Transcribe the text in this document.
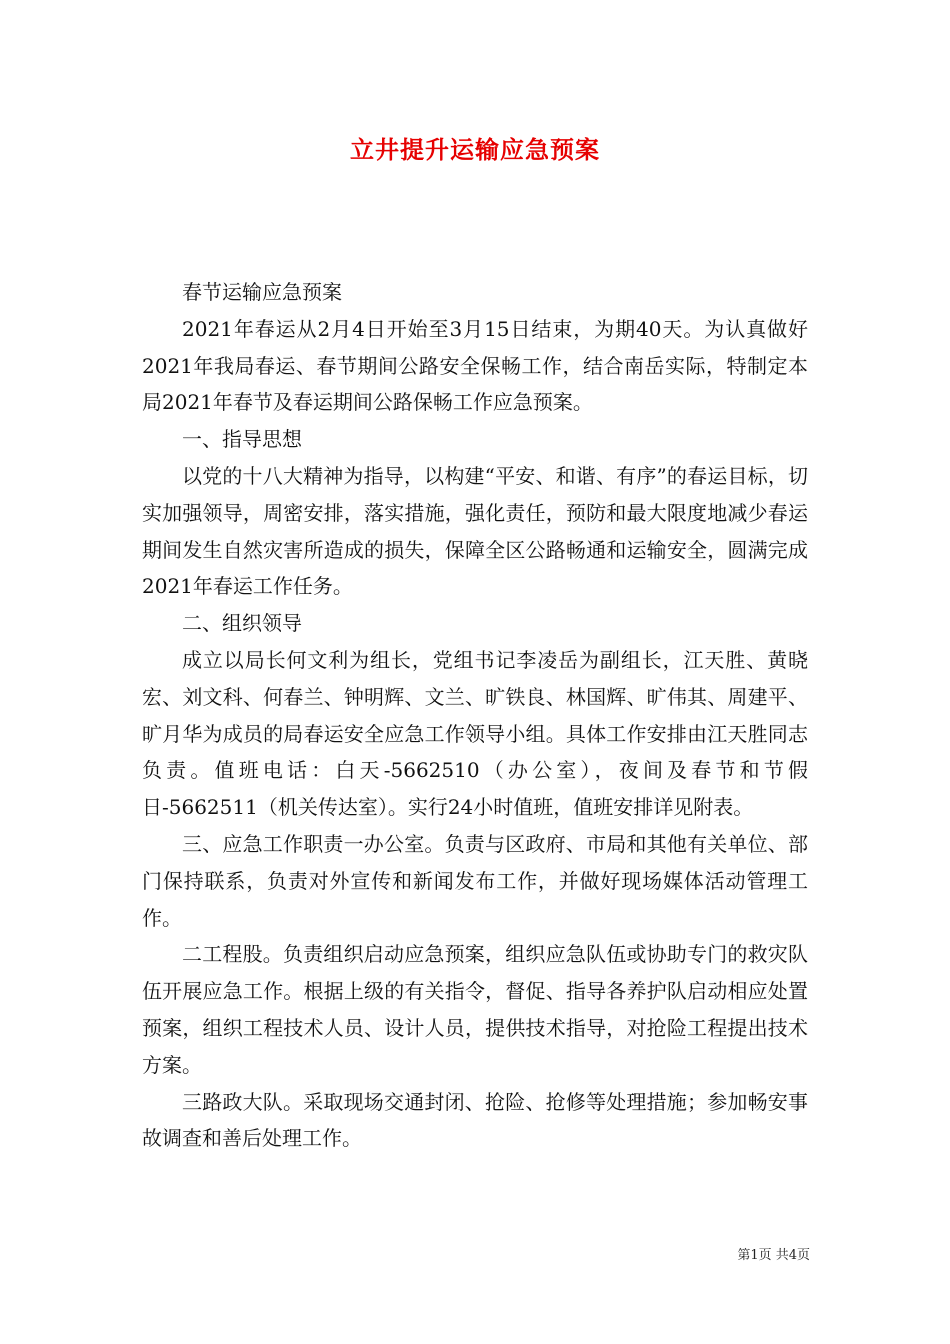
立井提升运输应急预案

春节运输应急预案

2021年春运从2月4日开始至3月15日结束，为期40天。为认真做好2021年我局春运、春节期间公路安全保畅工作，结合南岳实际，特制定本局2021年春节及春运期间公路保畅工作应急预案。

一、指导思想

以党的十八大精神为指导，以构建“平安、和谐、有序”的春运目标，切实加强领导，周密安排，落实措施，强化责任，预防和最大限度地减少春运期间发生自然灾害所造成的损失，保障全区公路畅通和运输安全，圆满完成2021年春运工作任务。

二、组织领导

成立以局长何文利为组长，党组书记李凌岳为副组长，江天胜、黄晓宏、刘文科、何春兰、钟明辉、文兰、旷铁良、林国辉、旷伟其、周建平、旷月华为成员的局春运安全应急工作领导小组。具体工作安排由江天胜同志负责。值班电话：白天-5662510（办公室），夜间及春节和节假日-5662511（机关传达室）。实行24小时值班，值班安排详见附表。

三、应急工作职责一办公室。负责与区政府、市局和其他有关单位、部门保持联系，负责对外宣传和新闻发布工作，并做好现场媒体活动管理工作。

二工程股。负责组织启动应急预案，组织应急队伍或协助专门的救灾队伍开展应急工作。根据上级的有关指令，督促、指导各养护队启动相应处置预案，组织工程技术人员、设计人员，提供技术指导，对抢险工程提出技术方案。

三路政大队。采取现场交通封闭、抢险、抢修等处理措施；参加畅安事故调查和善后处理工作。

第1页 共4页
